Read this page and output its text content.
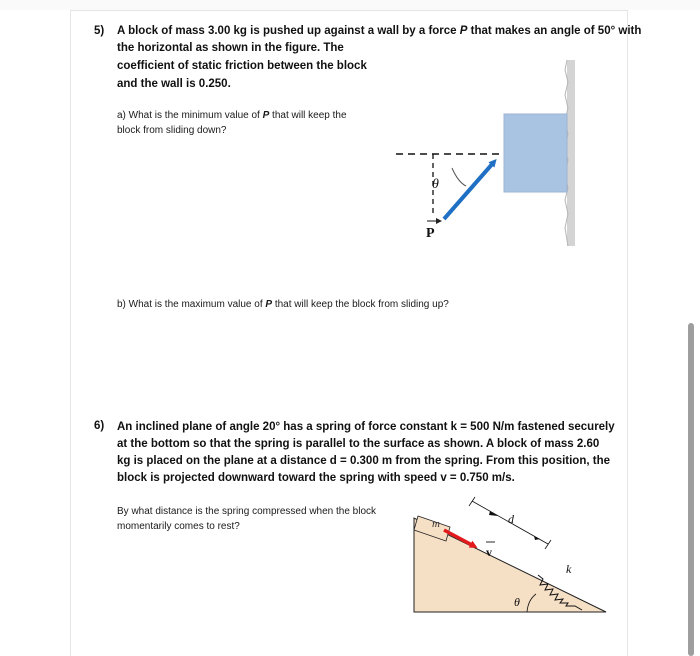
5) A block of mass 3.00 kg is pushed up against a wall by a force P that makes an angle of 50° with
the horizontal as shown in the figure. The
coefficient of static friction between the block
and the wall is 0.250.
a) What is the minimum value of P that will keep the
block from sliding down?
b) What is the maximum value of P that will keep the block from sliding up?
θ
P
6) An inclined plane of angle 20° has a spring of force constant k = 500 N/m fastened securely
at the bottom so that the spring is parallel to the surface as shown. A block of mass 2.60
kg is placed on the plane at a distance d = 0.300 m from the spring. From this position, the
block is projected downward toward the spring with speed v = 0.750 m/s.
By what distance is the spring compressed when the block
momentarily comes to rest?	m	d
v
k
θ
